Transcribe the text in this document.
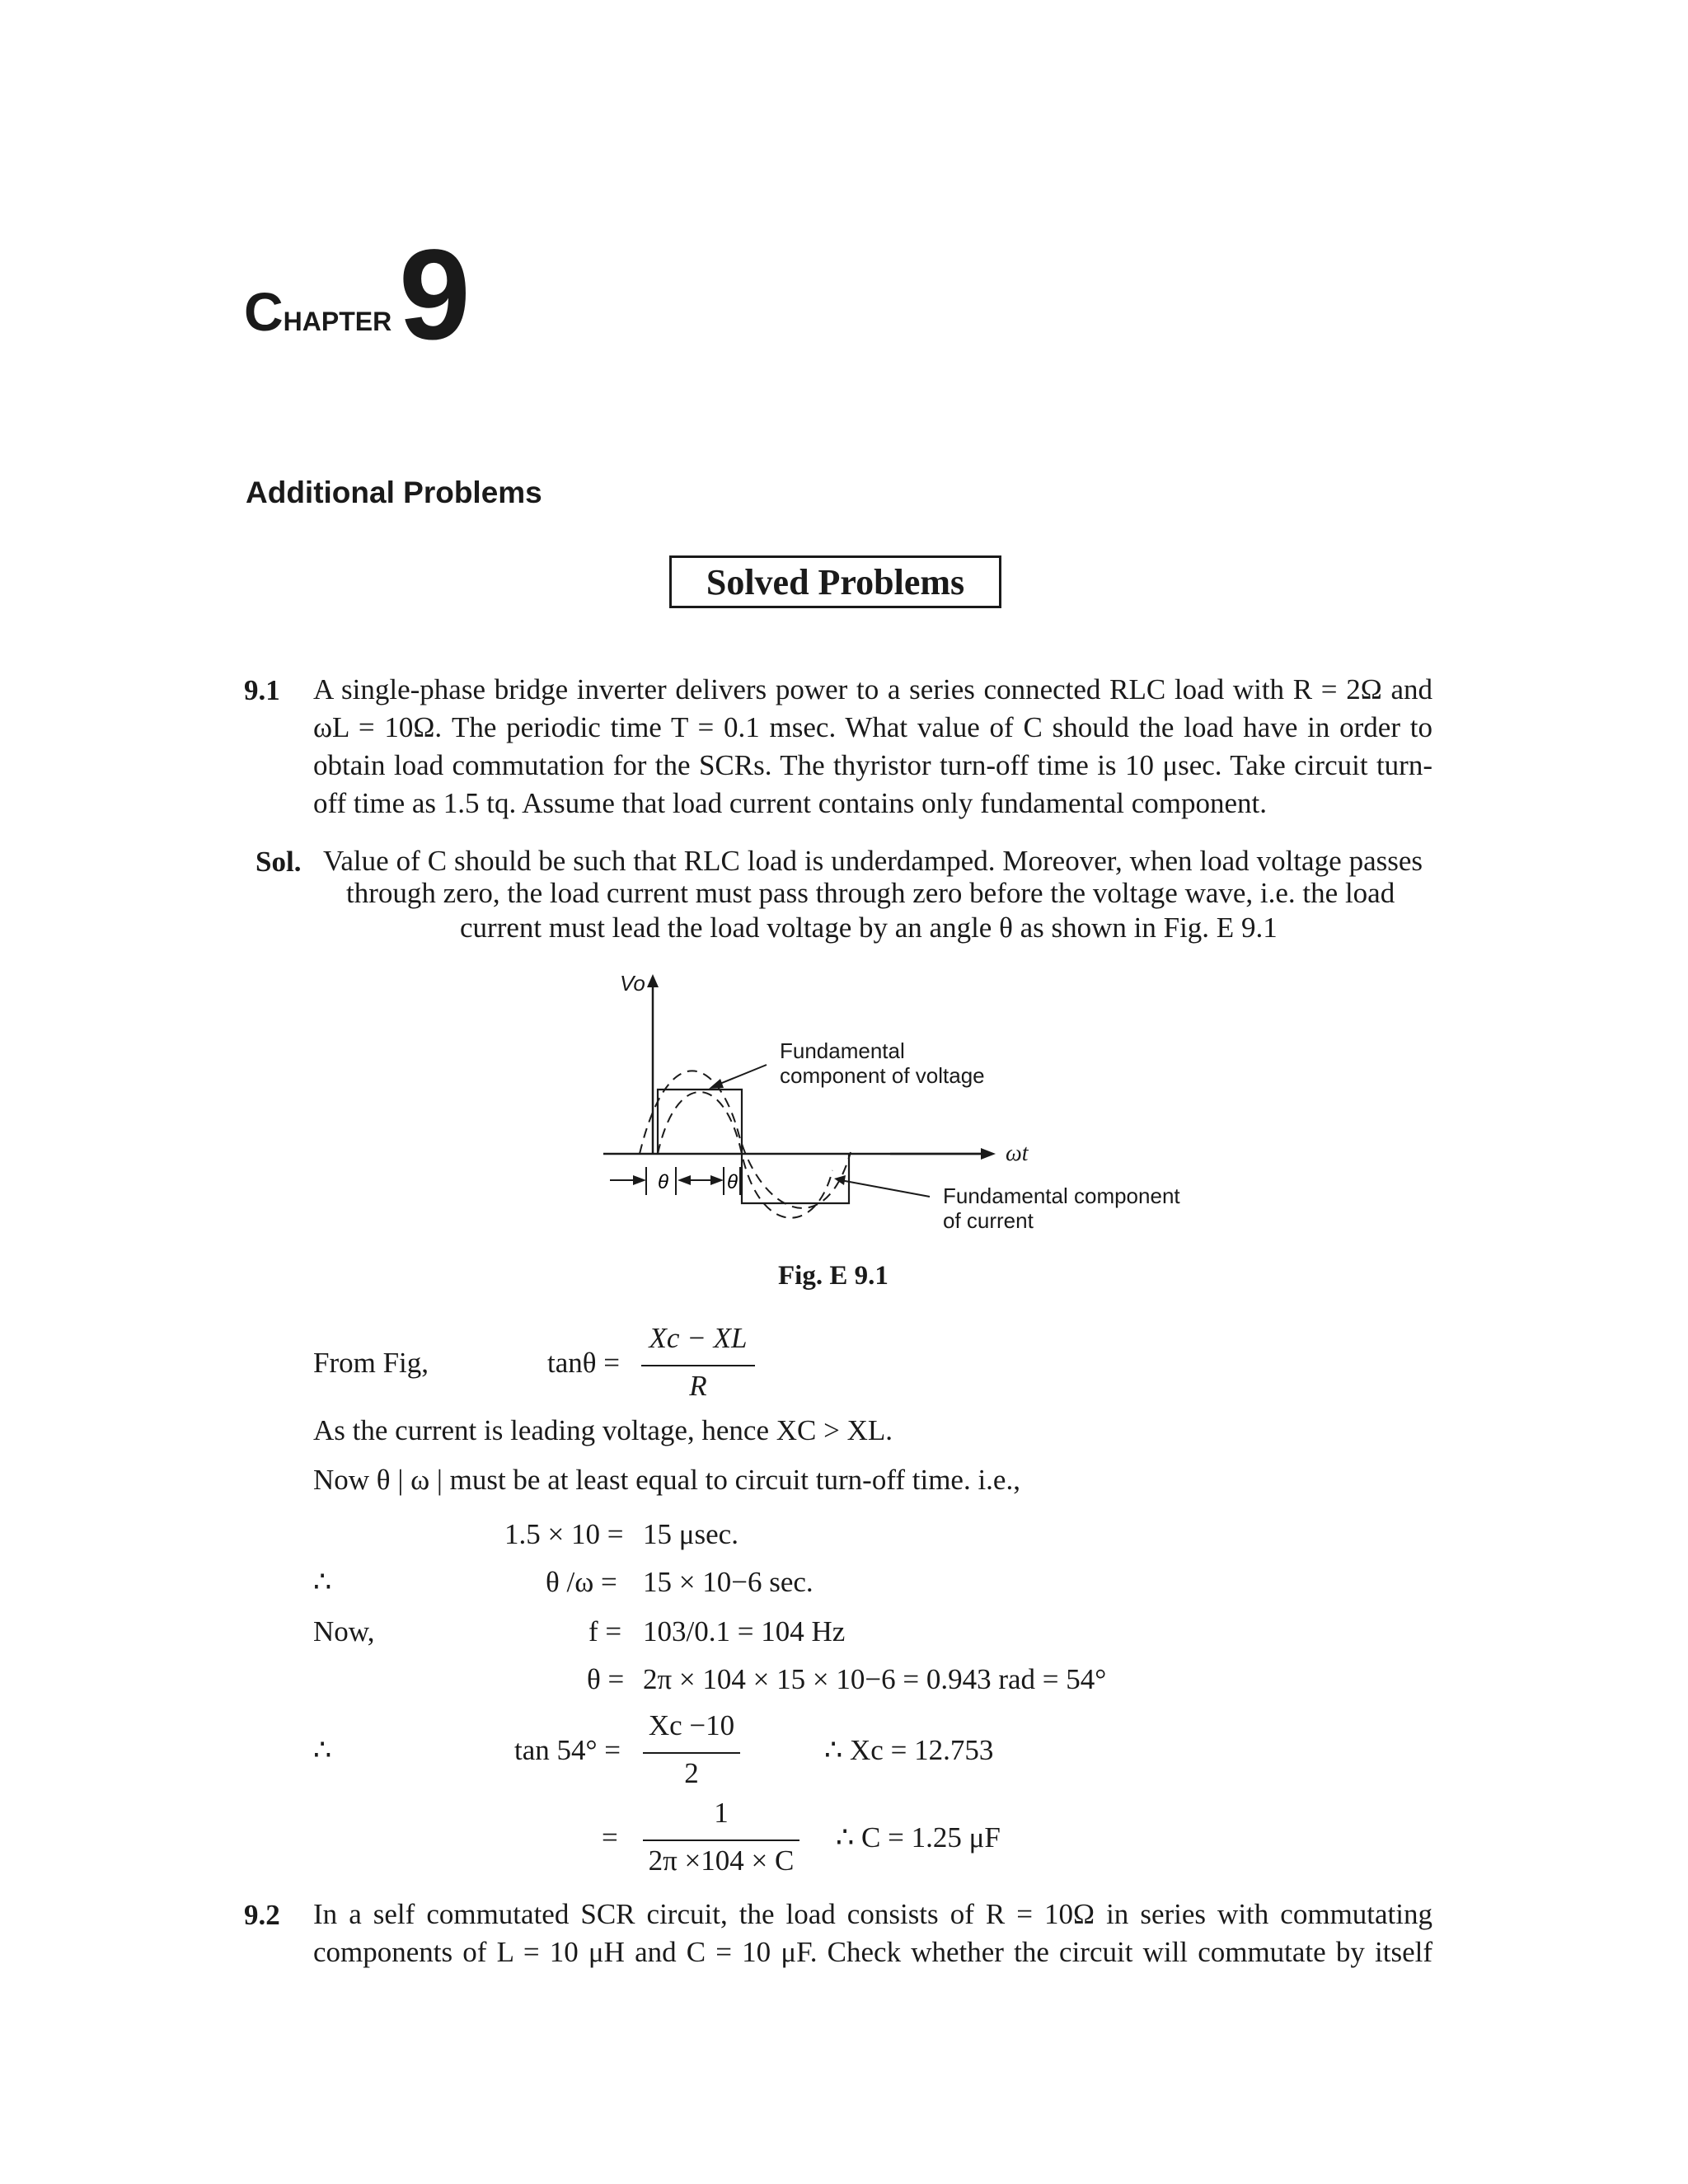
CHAPTER 9
Additional Problems
Solved Problems
9.1 A single-phase bridge inverter delivers power to a series connected RLC load with R = 2Ω and
ωL = 10Ω. The periodic time T = 0.1 msec. What value of C should the load have in order to
obtain load commutation for the SCRs. The thyristor turn-off time is 10 μsec. Take circuit turn-
off time as 1.5 tq. Assume that load current contains only fundamental component.
Sol. Value of C should be such that RLC load is underdamped. Moreover, when load voltage passes
through zero, the load current must pass through zero before the voltage wave, i.e. the load
current must lead the load voltage by an angle θ as shown in Fig. E 9.1
θ	θ
Vo
ωt
Fundamental
component of voltage
Fundamental component
of current
Fig. E 9.1
From Fig,	tanθ =
Xc − XL
R
As the current is leading voltage, hence XC > XL.
Now θ | ω | must be at least equal to circuit turn-off time. i.e.,
1.5 × 10 = 15 μsec.
∴	θ /ω = 15 × 10−6 sec.
Now,	f = 103/0.1 = 104 Hz
θ = 2π × 104 × 15 × 10−6 = 0.943 rad = 54°
∴	tan 54° =
Xc −10
2
∴ Xc = 12.753
=
1
2π ×104 × C
∴ C = 1.25 μF
9.2 In a self commutated SCR circuit, the load consists of R = 10Ω in series with commutating
components of L = 10 μH and C = 10 μF. Check whether the circuit will commutate by itself
